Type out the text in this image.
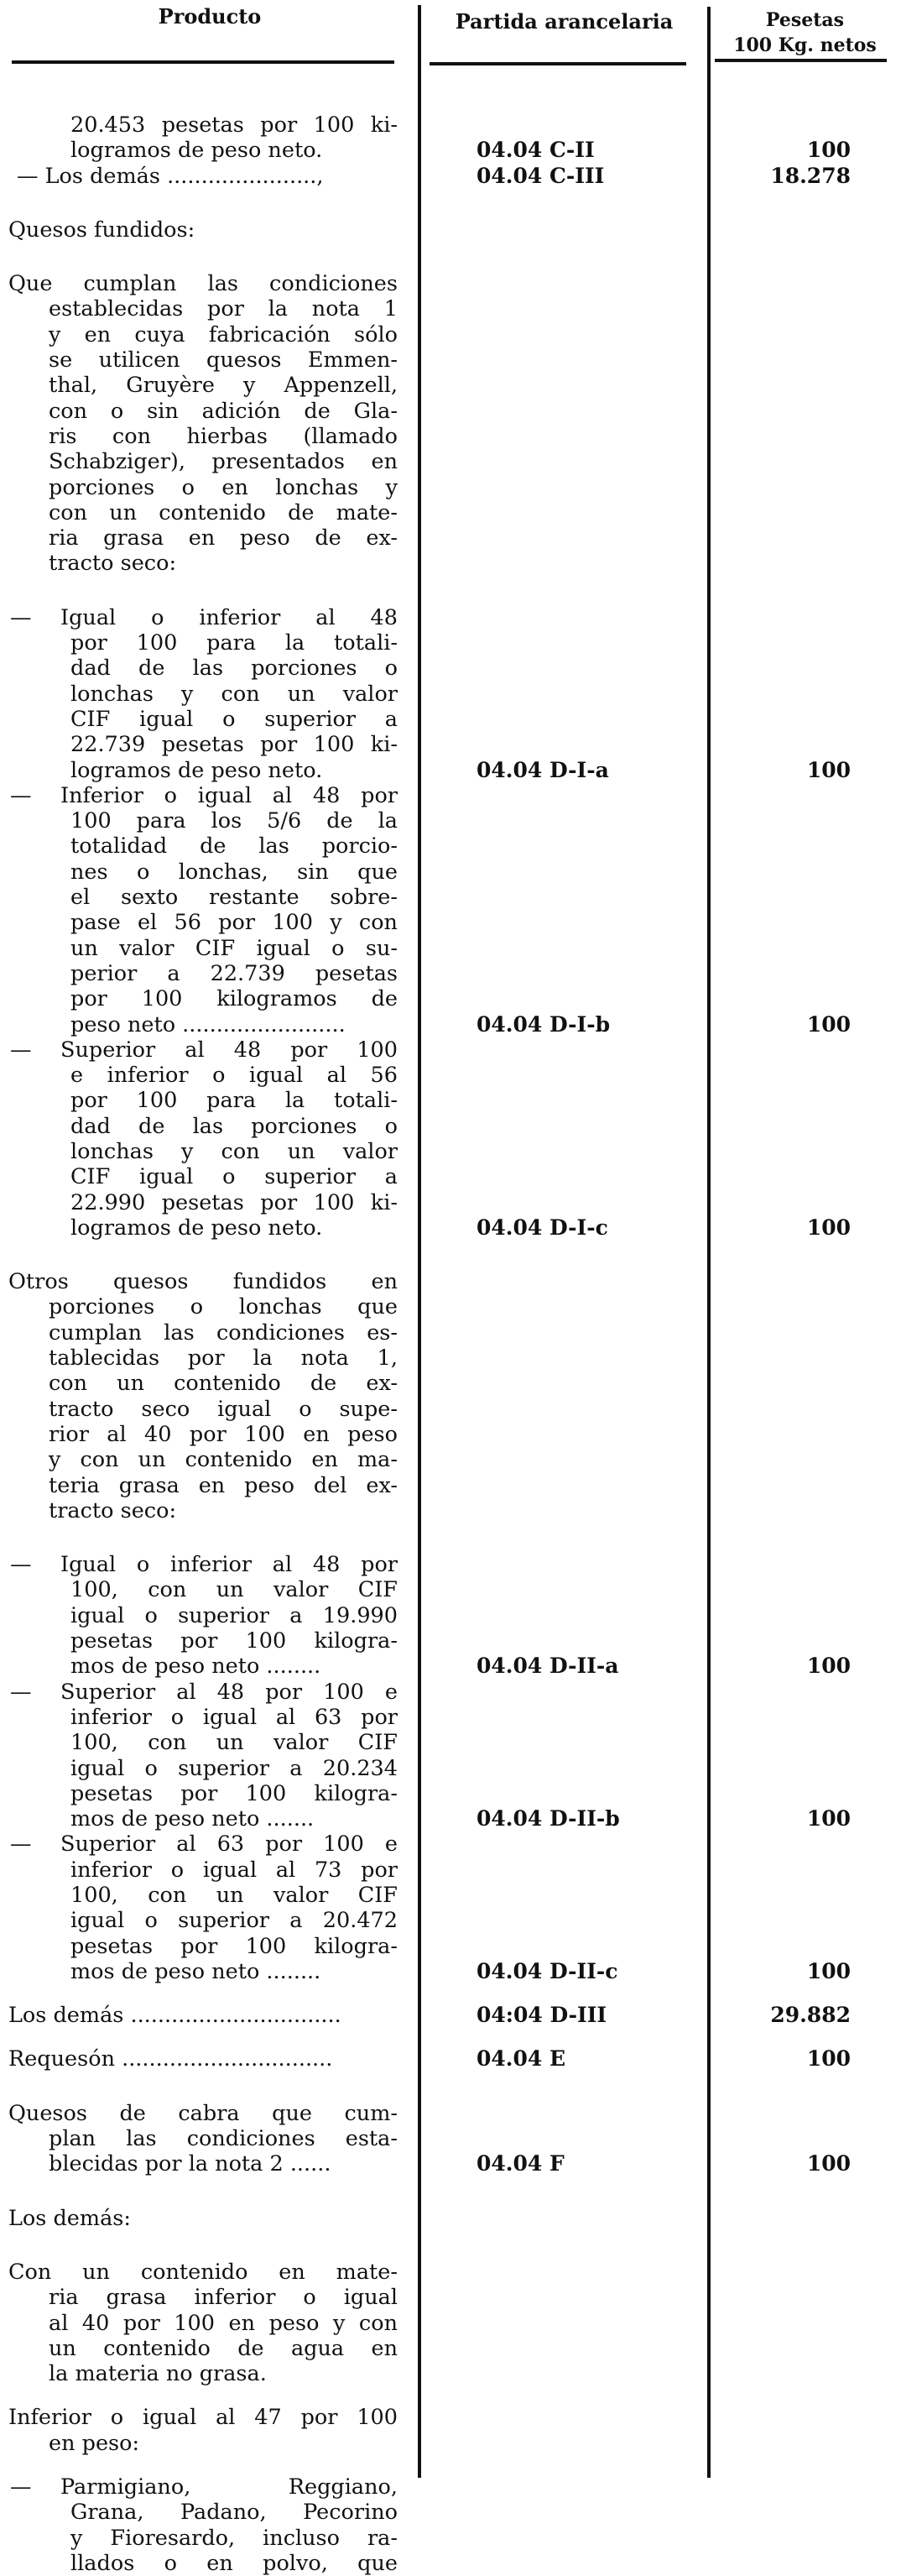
Producto	Partida arancelaria	Pesetas
100 Kg. netos
20.453 pesetas por 100 ki-
logramos de peso neto.	04.04 C-II	100
— Los demás ......................,	04.04 C-III	18.278
Quesos fundidos:
Que cumplan las condiciones
establecidas por la nota 1
y en cuya fabricación sólo
se utilicen quesos Emmen-
thal, Gruyère y Appenzell,
con o sin adición de Gla-
ris con hierbas (llamado
Schabziger), presentados en
porciones o en lonchas y
con un contenido de mate-
ria grasa en peso de ex-
tracto seco:
— Igual o inferior al 48
por 100 para la totali-
dad de las porciones o
lonchas y con un valor
CIF igual o superior a
22.739 pesetas por 100 ki-
logramos de peso neto.	04.04 D-I-a	100
— Inferior o igual al 48 por
100 para los 5/6 de la
totalidad de las porcio-
nes o lonchas, sin que
el sexto restante sobre-
pase el 56 por 100 y con
un valor CIF igual o su-
perior a 22.739 pesetas
por 100 kilogramos de
peso neto ........................	04.04 D-I-b	100
— Superior al 48 por 100
e inferior o igual al 56
por 100 para la totali-
dad de las porciones o
lonchas y con un valor
CIF igual o superior a
22.990 pesetas por 100 ki-
logramos de peso neto.	04.04 D-I-c	100
Otros quesos fundidos en
porciones o lonchas que
cumplan las condiciones es-
tablecidas por la nota 1,
con un contenido de ex-
tracto seco igual o supe-
rior al 40 por 100 en peso
y con un contenido en ma-
teria grasa en peso del ex-
tracto seco:
— Igual o inferior al 48 por
100, con un valor CIF
igual o superior a 19.990
pesetas por 100 kilogra-
mos de peso neto ........	04.04 D-II-a	100
— Superior al 48 por 100 e
inferior o igual al 63 por
100, con un valor CIF
igual o superior a 20.234
pesetas por 100 kilogra-
mos de peso neto .......	04.04 D-II-b	100
— Superior al 63 por 100 e
inferior o igual al 73 por
100, con un valor CIF
igual o superior a 20.472
pesetas por 100 kilogra-
mos de peso neto ........	04.04 D-II-c	100
Los demás ...............................	04:04 D-III	29.882
Requesón ...............................	04.04 E	100
Quesos de cabra que cum-
plan las condiciones esta-
blecidas por la nota 2 ......	04.04 F	100
Los demás:
Con un contenido en mate-
ria grasa inferior o igual
al 40 por 100 en peso y con
un contenido de agua en
la materia no grasa.
Inferior o igual al 47 por 100
en peso:
— Parmigiano, Reggiano,
Grana, Padano, Pecorino
y Fioresardo, incluso ra-
llados o en polvo, que
